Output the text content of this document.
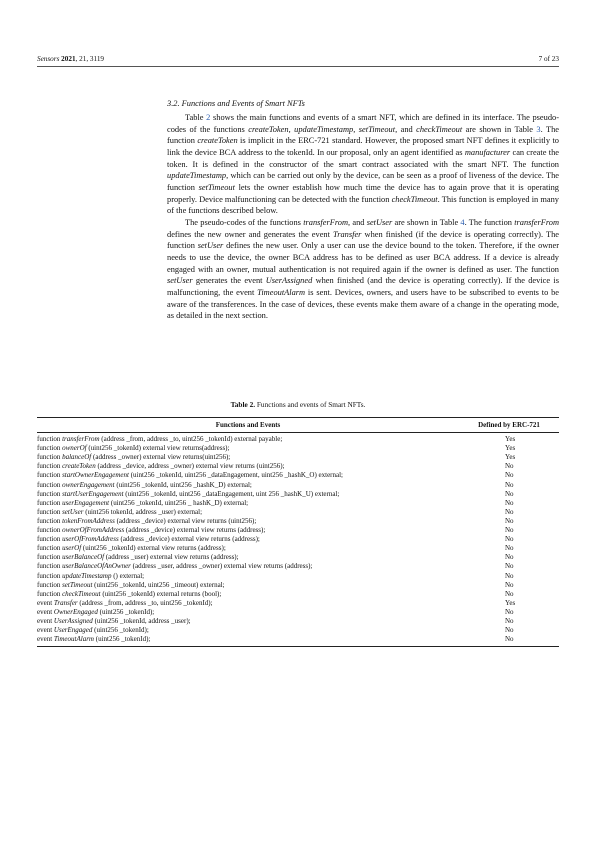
Sensors 2021, 21, 3119	7 of 23
3.2. Functions and Events of Smart NFTs

Table 2 shows the main functions and events of a smart NFT, which are defined in its interface. The pseudo-codes of the functions createToken, updateTimestamp, setTimeout, and checkTimeout are shown in Table 3. The function createToken is implicit in the ERC-721 standard. However, the proposed smart NFT defines it explicitly to link the device BCA address to the tokenId. In our proposal, only an agent identified as manufacturer can create the token. It is defined in the constructor of the smart contract associated with the smart NFT. The function updateTimestamp, which can be carried out only by the device, can be seen as a proof of liveness of the device. The function setTimeout lets the owner establish how much time the device has to again prove that it is operating properly. Device malfunctioning can be detected with the function checkTimeout. This function is employed in many of the functions described below.

The pseudo-codes of the functions transferFrom, and setUser are shown in Table 4. The function transferFrom defines the new owner and generates the event Transfer when finished (if the device is operating correctly). The function setUser defines the new user. Only a user can use the device bound to the token. Therefore, if the owner needs to use the device, the owner BCA address has to be defined as user BCA address. If a device is already engaged with an owner, mutual authentication is not required again if the owner is defined as user. The function setUser generates the event UserAssigned when finished (and the device is operating correctly). If the device is malfunctioning, the event TimeoutAlarm is sent. Devices, owners, and users have to be subscribed to events to be aware of the transferences. In the case of devices, these events make them aware of a change in the operating mode, as detailed in the next section.

Table 2. Functions and events of Smart NFTs.
Functions and Events	Defined by ERC-721
function transferFrom (address _from, address _to, uint256 _tokenId) external payable;	Yes
function ownerOf (uint256 _tokenId) external view returns(address);	Yes
function balanceOf (address _owner) external view returns(uint256);	Yes
function createToken (address _device, address _owner) external view returns (uint256);	No
function startOwnerEngagement (uint256 _tokenId, uint256 _dataEngagement, uint256 _hashK_O) external;	No
function ownerEngagement (uint256 _tokenId, uint256 _hashK_D) external;	No
function startUserEngagement (uint256 _tokenId, uint256 _dataEngagement, uint 256 _hashK_U) external;	No
function userEngagement (uint256 _tokenId, uint256 _ hashK_D) external;	No
function setUser (uint256 tokenId, address _user) external;	No
function tokenFromAddress (address _device) external view returns (uint256);	No
function ownerOfFromAddress (address _device) external view returns (address);	No
function userOfFromAddress (address _device) external view returns (address);	No
function userOf (uint256 _tokenId) external view returns (address);	No
function userBalanceOf (address _user) external view returns (address);	No
function userBalanceOfAnOwner (address _user, address _owner) external view returns (address);	No
function updateTimestamp () external;	No
function setTimeout (uint256 _tokenId, uint256 _timeout) external;	No
function checkTimeout (uint256 _tokenId) external returns (bool);	No
event Transfer (address _from, address _to, uint256 _tokenId);	Yes
event OwnerEngaged (uint256 _tokenId);	No
event UserAssigned (uint256 _tokenId, address _user);	No
event UserEngaged (uint256 _tokenId);	No
event TimeoutAlarm (uint256 _tokenId);	No
